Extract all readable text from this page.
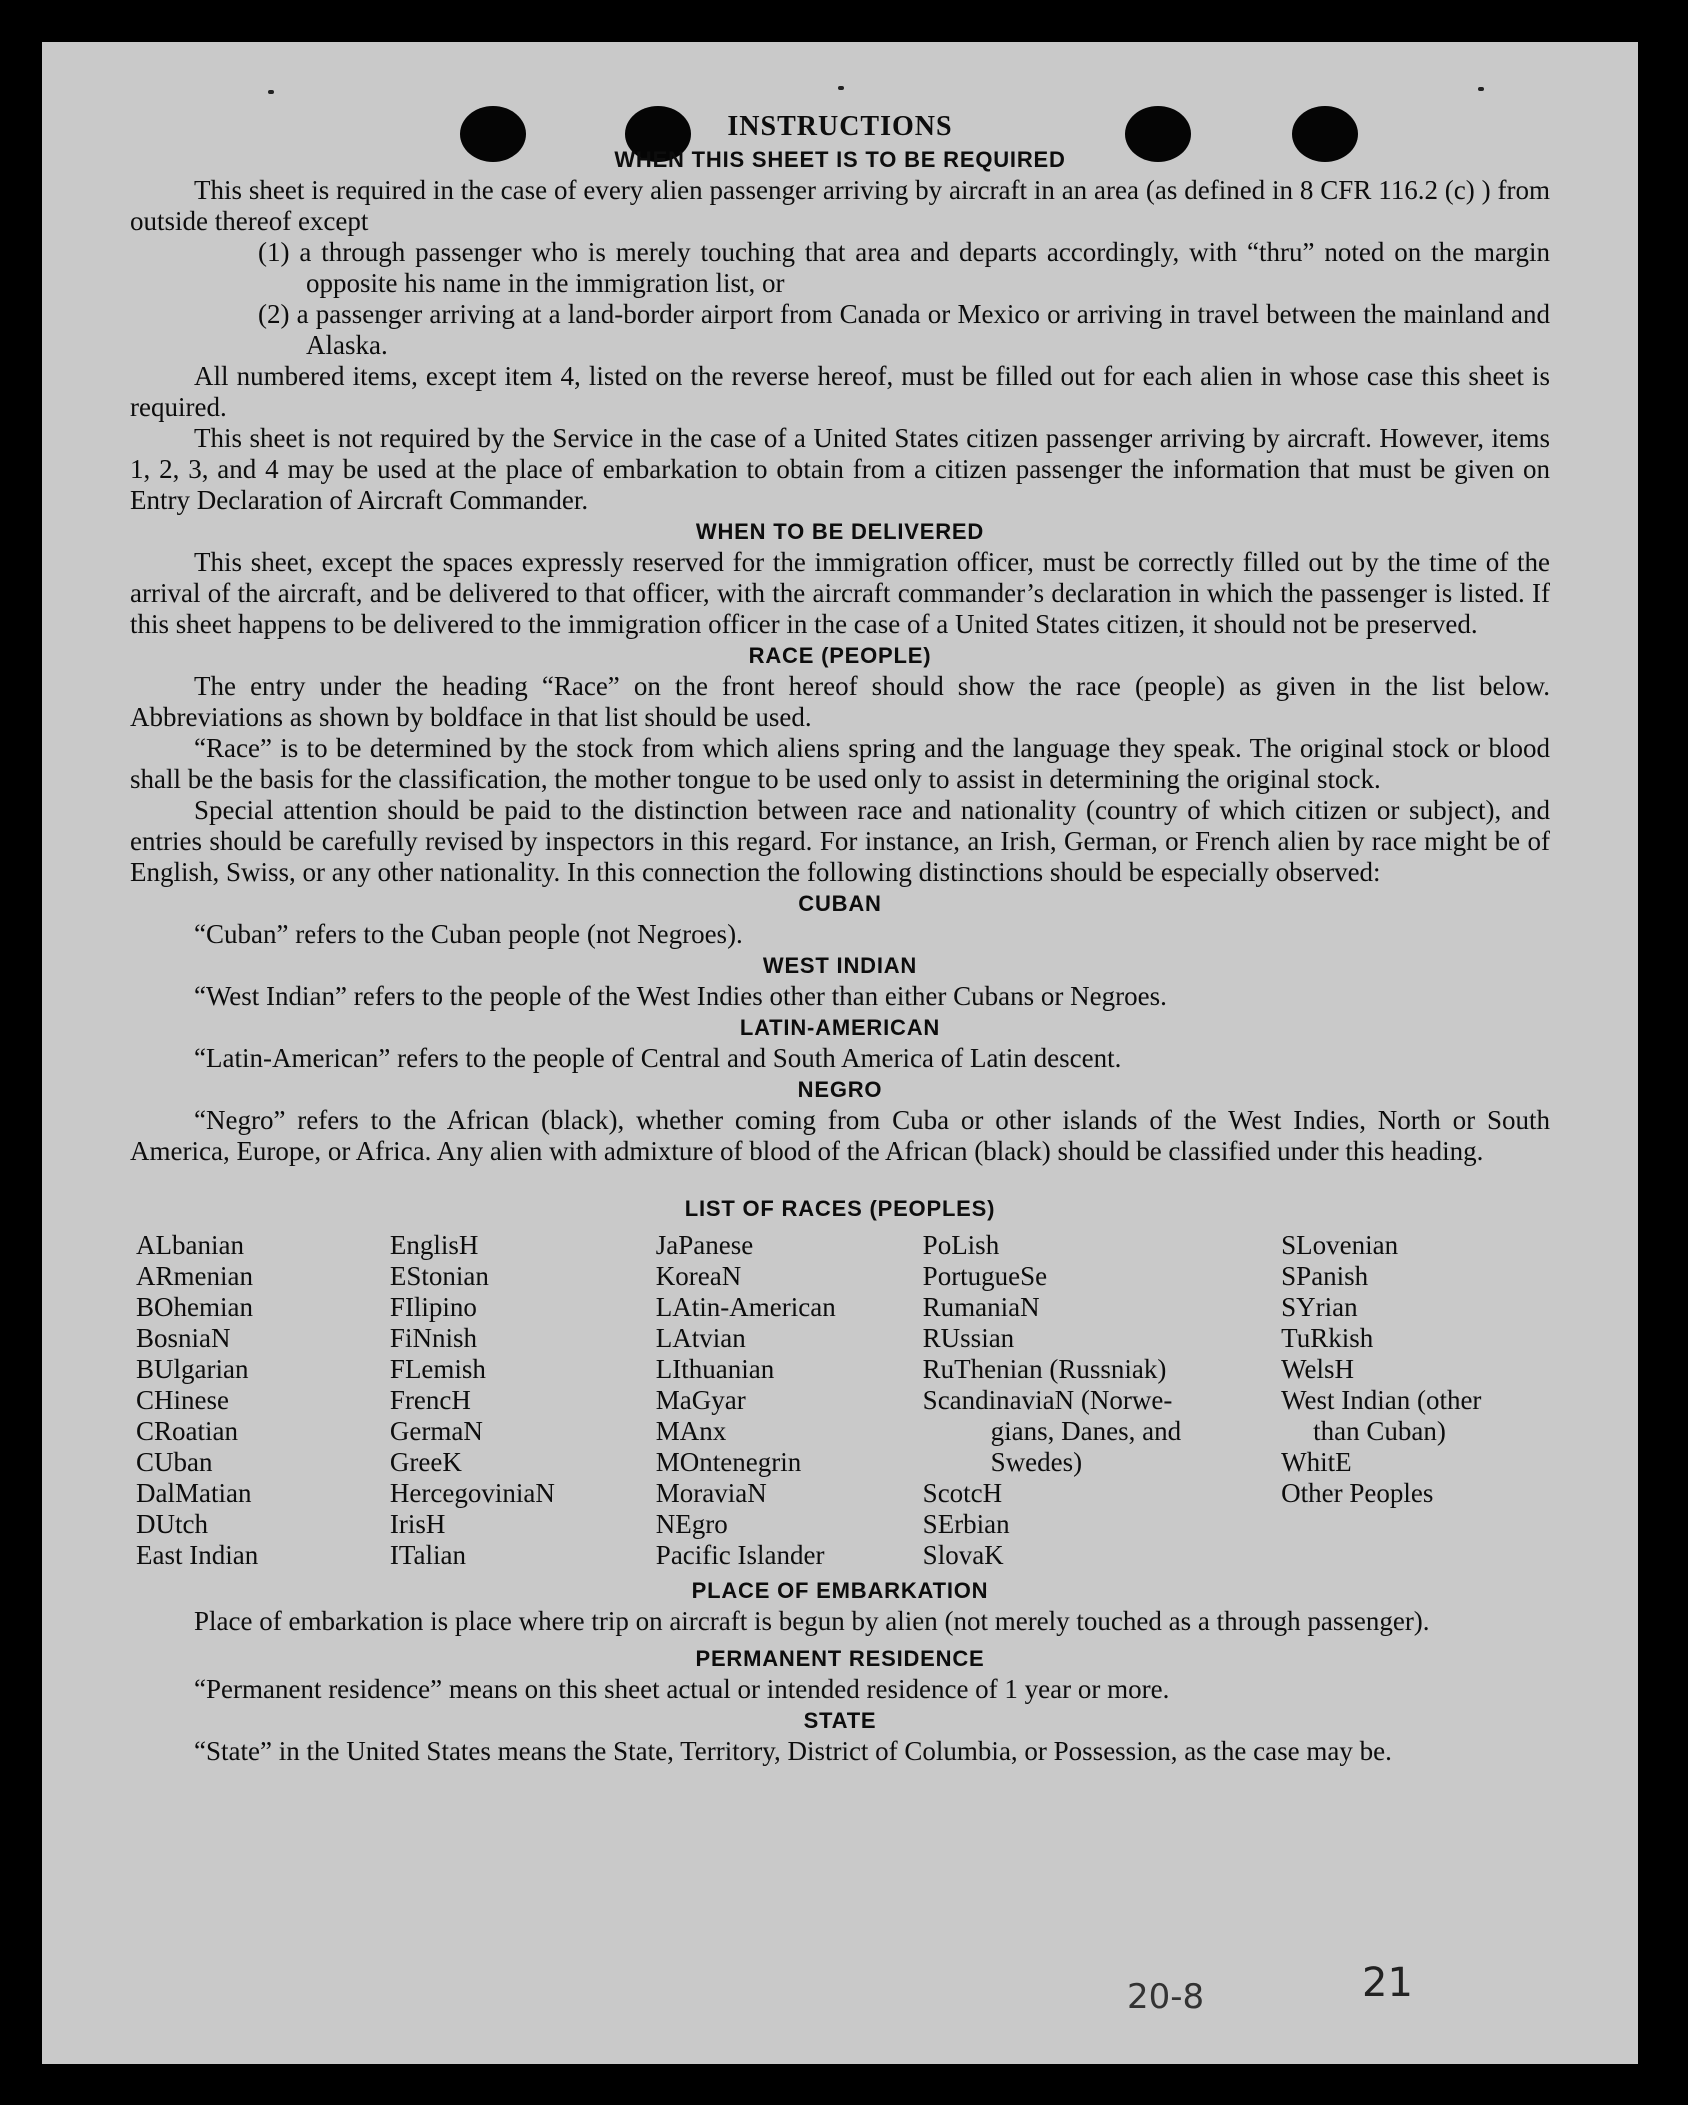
INSTRUCTIONS
WHEN THIS SHEET IS TO BE REQUIRED

This sheet is required in the case of every alien passenger arriving by aircraft in an area (as defined in 8 CFR 116.2 (c) ) from outside thereof except

(1) a through passenger who is merely touching that area and departs accordingly, with “thru” noted on the margin opposite his name in the immigration list, or

(2) a passenger arriving at a land-border airport from Canada or Mexico or arriving in travel between the mainland and Alaska.

All numbered items, except item 4, listed on the reverse hereof, must be filled out for each alien in whose case this sheet is required.

This sheet is not required by the Service in the case of a United States citizen passenger arriving by aircraft. However, items 1, 2, 3, and 4 may be used at the place of embarkation to obtain from a citizen passenger the information that must be given on Entry Declaration of Aircraft Commander.

WHEN TO BE DELIVERED

This sheet, except the spaces expressly reserved for the immigration officer, must be correctly filled out by the time of the arrival of the aircraft, and be delivered to that officer, with the aircraft commander’s declaration in which the passenger is listed. If this sheet happens to be delivered to the immigration officer in the case of a United States citizen, it should not be preserved.

RACE (PEOPLE)

The entry under the heading “Race” on the front hereof should show the race (people) as given in the list below. Abbreviations as shown by boldface in that list should be used.

“Race” is to be determined by the stock from which aliens spring and the language they speak. The original stock or blood shall be the basis for the classification, the mother tongue to be used only to assist in determining the original stock.

Special attention should be paid to the distinction between race and nationality (country of which citizen or subject), and entries should be carefully revised by inspectors in this regard. For instance, an Irish, German, or French alien by race might be of English, Swiss, or any other nationality. In this connection the following distinctions should be especially observed:

CUBAN

“Cuban” refers to the Cuban people (not Negroes).

WEST INDIAN

“West Indian” refers to the people of the West Indies other than either Cubans or Negroes.

LATIN-AMERICAN

“Latin-American” refers to the people of Central and South America of Latin descent.

NEGRO

“Negro” refers to the African (black), whether coming from Cuba or other islands of the West Indies, North or South America, Europe, or Africa. Any alien with admixture of blood of the African (black) should be classified under this heading.

LIST OF RACES (PEOPLES)
ALbanian
ARmenian
BOhemian
BosniaN
BUlgarian
CHinese
CRoatian
CUban
DalMatian
DUtch
East Indian
EnglisH
EStonian
FIlipino
FiNnish
FLemish
FrencH
GermaN
GreeK
HercegoviniaN
IrisH
ITalian
JaPanese
KoreaN
LAtin-American
LAtvian
LIthuanian
MaGyar
MAnx
MOntenegrin
MoraviaN
NEgro
Pacific Islander
PoLish
PortugueSe
RumaniaN
RUssian
RuThenian (Russniak)
ScandinaviaN (Norwe-
gians, Danes, and
Swedes)
ScotcH
SErbian
SlovaK
SLovenian
SPanish
SYrian
TuRkish
WelsH
West Indian (other
than Cuban)
WhitE
Other Peoples
PLACE OF EMBARKATION

Place of embarkation is place where trip on aircraft is begun by alien (not merely touched as a through passenger).

PERMANENT RESIDENCE

“Permanent residence” means on this sheet actual or intended residence of 1 year or more.

STATE

“State” in the United States means the State, Territory, District of Columbia, or Possession, as the case may be.

20-8	21
